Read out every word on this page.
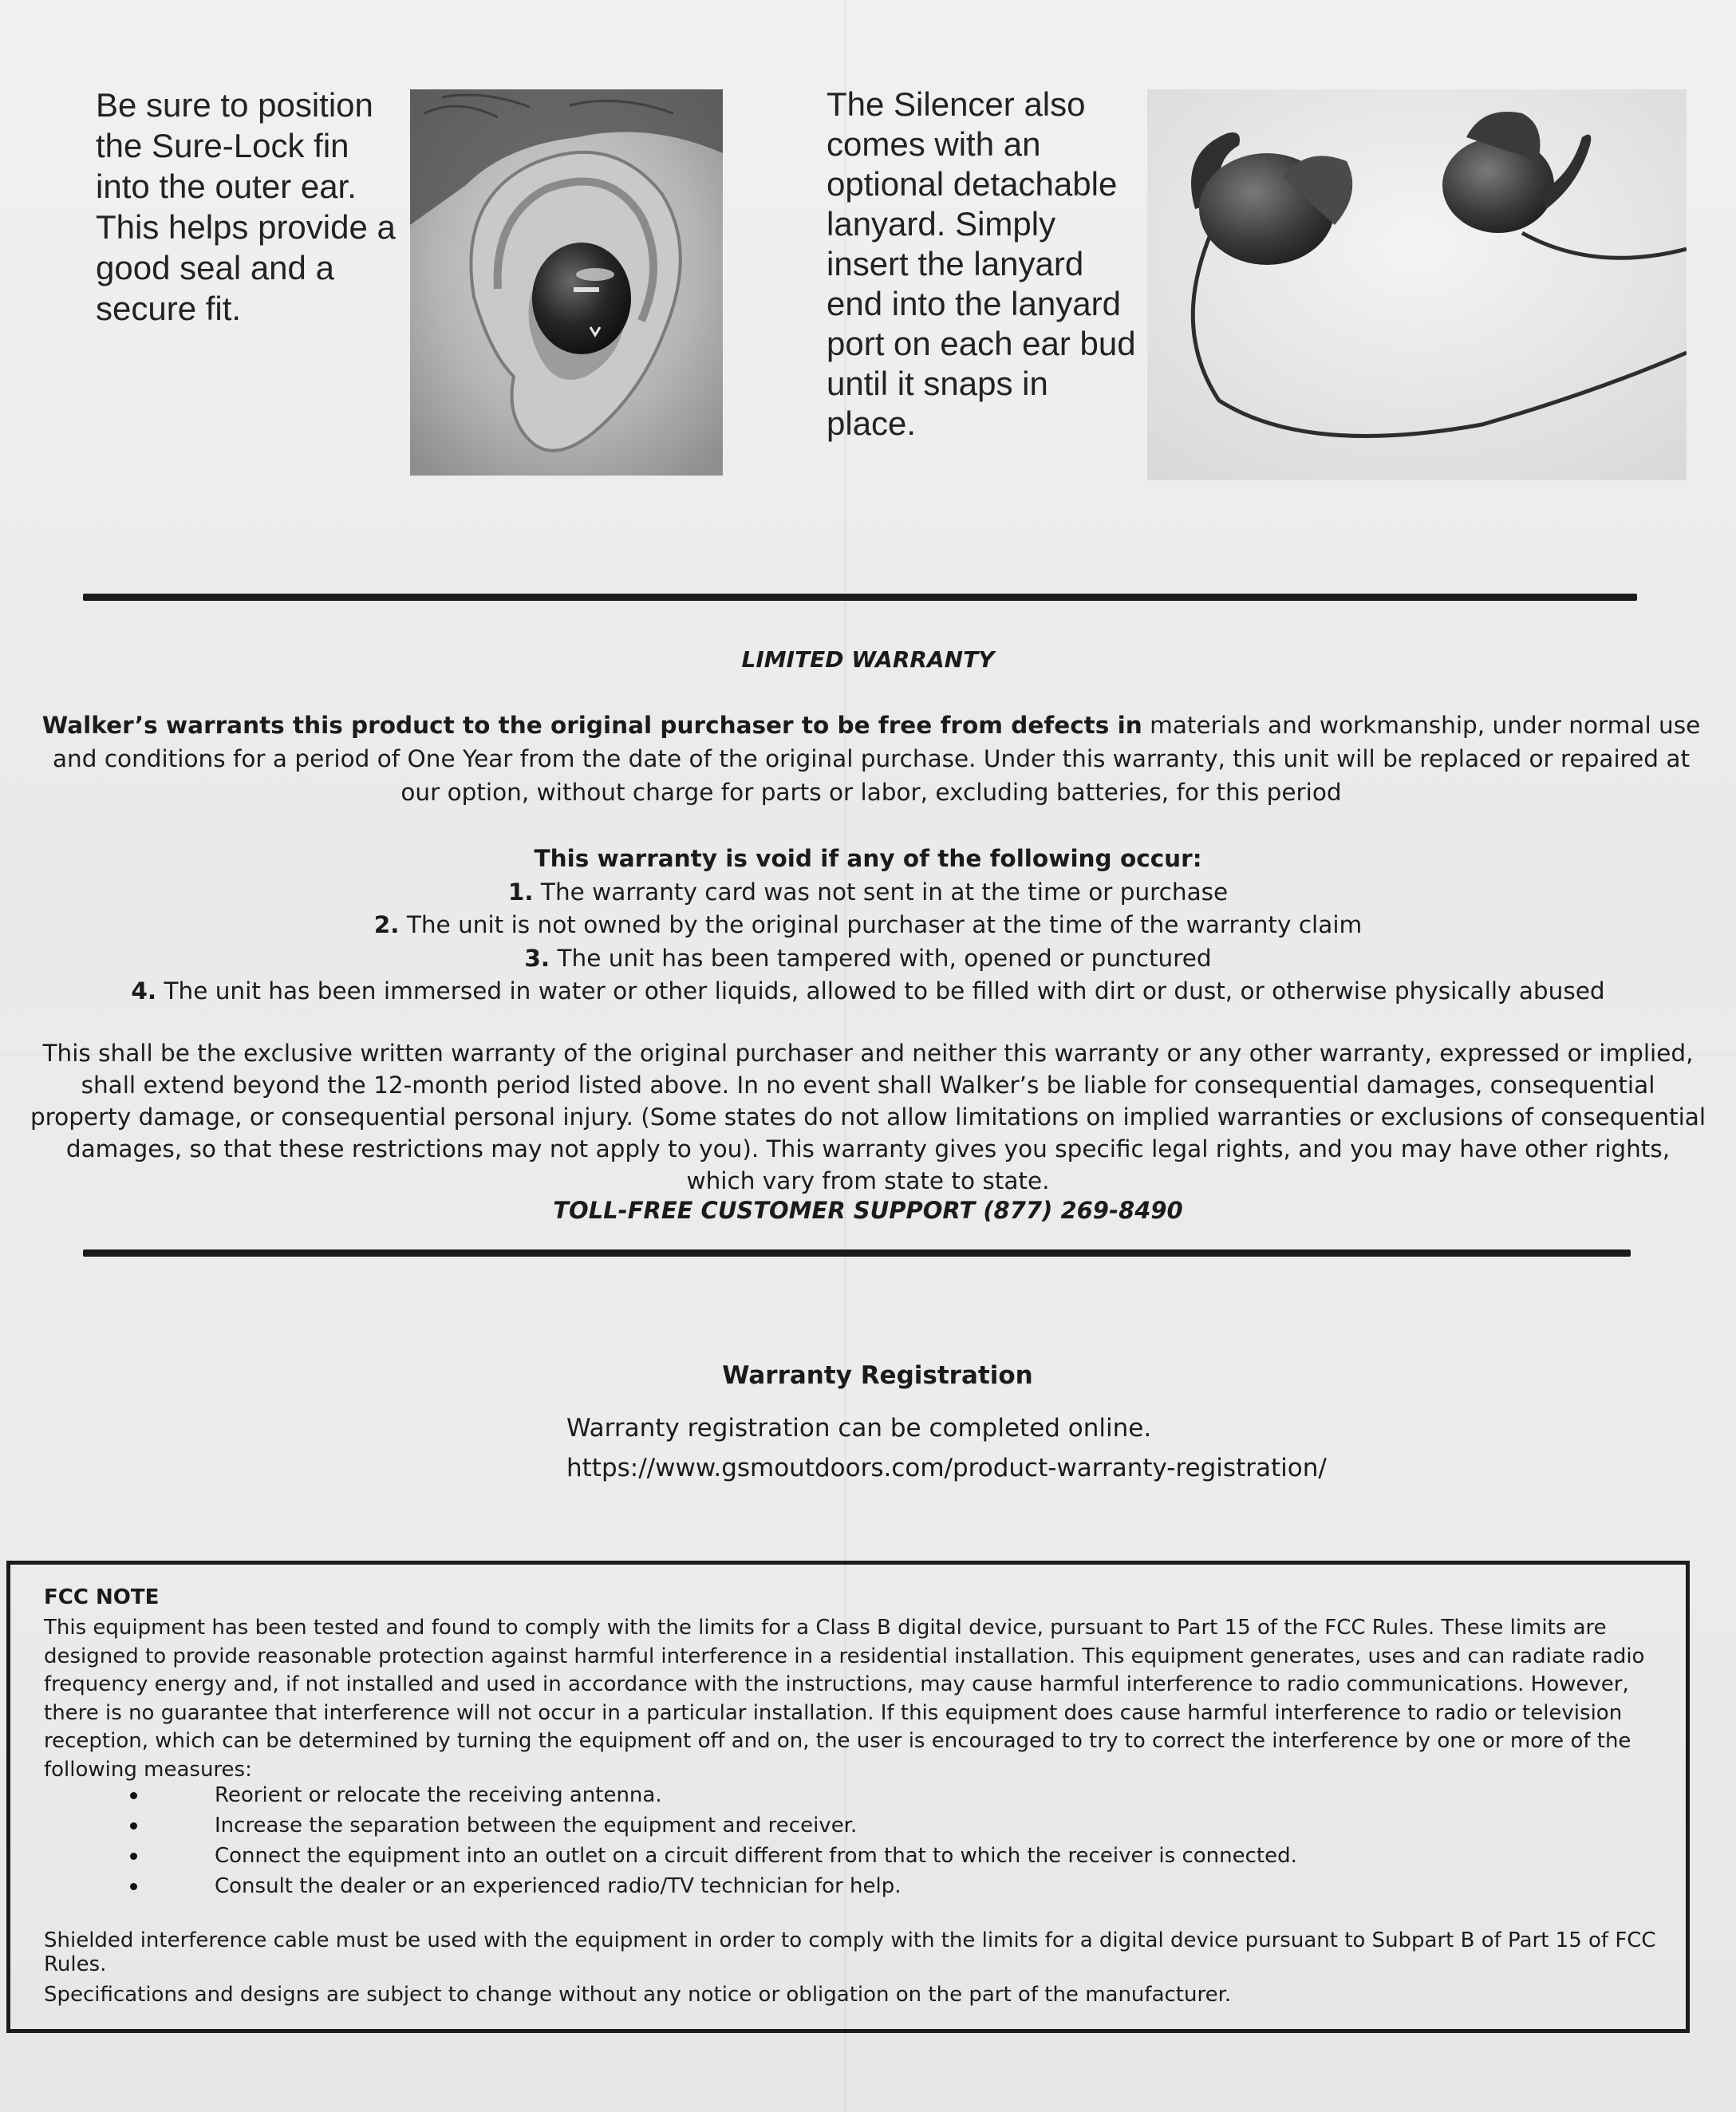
Be sure to position
the Sure-Lock fin
into the outer ear.
This helps provide a
good seal and a
secure fit.
The Silencer also
comes with an
optional detachable
lanyard. Simply
insert the lanyard
end into the lanyard
port on each ear bud
until it snaps in
place.
LIMITED WARRANTY
Walker’s warrants this product to the original purchaser to be free from defects in materials and workmanship, under normal use and conditions for a period of One Year from the date of the original purchase. Under this warranty, this unit will be replaced or repaired at our option, without charge for parts or labor, excluding batteries, for this period
This warranty is void if any of the following occur:
1. The warranty card was not sent in at the time or purchase
2. The unit is not owned by the original purchaser at the time of the warranty claim
3. The unit has been tampered with, opened or punctured
4. The unit has been immersed in water or other liquids, allowed to be filled with dirt or dust, or otherwise physically abused
This shall be the exclusive written warranty of the original purchaser and neither this warranty or any other warranty, expressed or implied, shall extend beyond the 12-month period listed above. In no event shall Walker’s be liable for consequential damages, consequential property damage, or consequential personal injury. (Some states do not allow limitations on implied warranties or exclusions of consequential damages, so that these restrictions may not apply to you). This warranty gives you specific legal rights, and you may have other rights, which vary from state to state.
TOLL-FREE CUSTOMER SUPPORT (877) 269-8490
Warranty Registration
Warranty registration can be completed online.
https://www.gsmoutdoors.com/product-warranty-registration/
FCC NOTE
This equipment has been tested and found to comply with the limits for a Class B digital device, pursuant to Part 15 of the FCC Rules. These limits are designed to provide reasonable protection against harmful interference in a residential installation. This equipment generates, uses and can radiate radio frequency energy and, if not installed and used in accordance with the instructions, may cause harmful interference to radio communications. However, there is no guarantee that interference will not occur in a particular installation. If this equipment does cause harmful interference to radio or television reception, which can be determined by turning the equipment off and on, the user is encouraged to try to correct the interference by one or more of the following measures:
Reorient or relocate the receiving antenna.
Increase the separation between the equipment and receiver.
Connect the equipment into an outlet on a circuit different from that to which the receiver is connected.
Consult the dealer or an experienced radio/TV technician for help.
Shielded interference cable must be used with the equipment in order to comply with the limits for a digital device pursuant to Subpart B of Part 15 of FCC Rules.
Specifications and designs are subject to change without any notice or obligation on the part of the manufacturer.
